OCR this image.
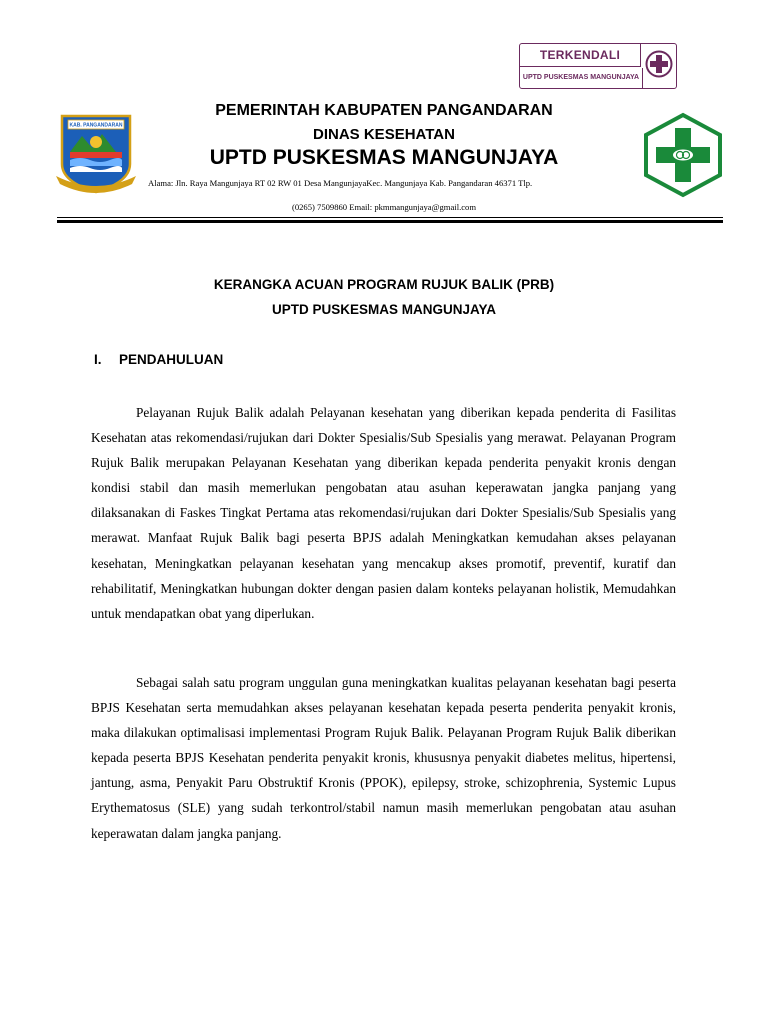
TERKENDALI
UPTD PUSKESMAS MANGUNJAYA
KAB. PANGANDARAN
PEMERINTAH KABUPATEN PANGANDARAN
DINAS KESEHATAN
UPTD PUSKESMAS MANGUNJAYA
Alama: Jln. Raya Mangunjaya RT 02 RW 01 Desa MangunjayaKec. Mangunjaya Kab. Pangandaran 46371 Tlp.
(0265) 7509860 Email: pkmmangunjaya@gmail.com
KERANGKA ACUAN PROGRAM RUJUK BALIK (PRB)
UPTD PUSKESMAS MANGUNJAYA
I. PENDAHULUAN

Pelayanan Rujuk Balik adalah Pelayanan kesehatan yang diberikan kepada penderita di Fasilitas Kesehatan atas rekomendasi/rujukan dari Dokter Spesialis/Sub Spesialis yang merawat. Pelayanan Program Rujuk Balik merupakan Pelayanan Kesehatan yang diberikan kepada penderita penyakit kronis dengan kondisi stabil dan masih memerlukan pengobatan atau asuhan keperawatan jangka panjang yang dilaksanakan di Faskes Tingkat Pertama atas rekomendasi/rujukan dari Dokter Spesialis/Sub Spesialis yang merawat. Manfaat Rujuk Balik bagi peserta BPJS adalah Meningkatkan kemudahan akses pelayanan kesehatan, Meningkatkan pelayanan kesehatan yang mencakup akses promotif, preventif, kuratif dan rehabilitatif, Meningkatkan hubungan dokter dengan pasien dalam konteks pelayanan holistik, Memudahkan untuk mendapatkan obat yang diperlukan.

Sebagai salah satu program unggulan guna meningkatkan kualitas pelayanan kesehatan bagi peserta BPJS Kesehatan serta memudahkan akses pelayanan kesehatan kepada peserta penderita penyakit kronis, maka dilakukan optimalisasi implementasi Program Rujuk Balik. Pelayanan Program Rujuk Balik diberikan kepada peserta BPJS Kesehatan penderita penyakit kronis, khususnya penyakit diabetes melitus, hipertensi, jantung, asma, Penyakit Paru Obstruktif Kronis (PPOK), epilepsy, stroke, schizophrenia, Systemic Lupus Erythematosus (SLE) yang sudah terkontrol/stabil namun masih memerlukan pengobatan atau asuhan keperawatan dalam jangka panjang.
